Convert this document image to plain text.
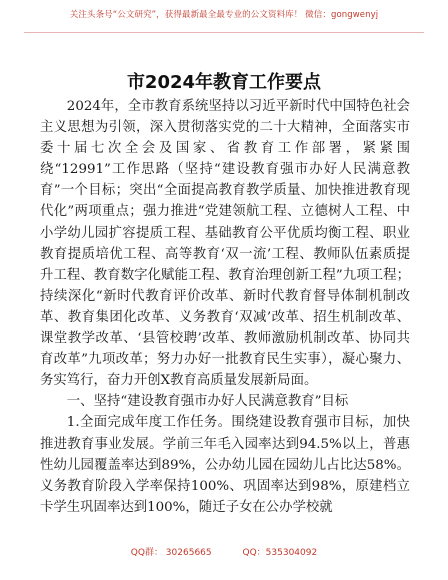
关注头条号“公文研究”，获得最新最全最专业的公文资料库！ 微信：gongwenyj
市2024年教育工作要点

2024年，全市教育系统坚持以习近平新时代中国特色社会主义思想为引领，深入贯彻落实党的二十大精神，全面落实市委十届七次全会及国家、省教育工作部署，紧紧围绕“12991”工作思路（坚持“建设教育强市办好人民满意教育”一个目标；突出“全面提高教育教学质量、加快推进教育现代化”两项重点；强力推进“党建领航工程、立德树人工程、中小学幼儿园扩容提质工程、基础教育公平优质均衡工程、职业教育提质培优工程、高等教育‘双一流’工程、教师队伍素质提升工程、教育数字化赋能工程、教育治理创新工程”九项工程；持续深化“新时代教育评价改革、新时代教育督导体制机制改革、教育集团化改革、义务教育‘双减’改革、招生机制改革、课堂教学改革、‘县管校聘’改革、教师激励机制改革、协同共育改革”九项改革；努力办好一批教育民生实事），凝心聚力、务实笃行，奋力开创X教育高质量发展新局面。

一、坚持“建设教育强市办好人民满意教育”目标

1.全面完成年度工作任务。围绕建设教育强市目标，加快推进教育事业发展。学前三年毛入园率达到94.5%以上，普惠性幼儿园覆盖率达到89%，公办幼儿园在园幼儿占比达58%。义务教育阶段入学率保持100%、巩固率达到98%，原建档立卡学生巩固率达到100%，随迁子女在公办学校就

QQ群： 30265665	QQ：535304092
